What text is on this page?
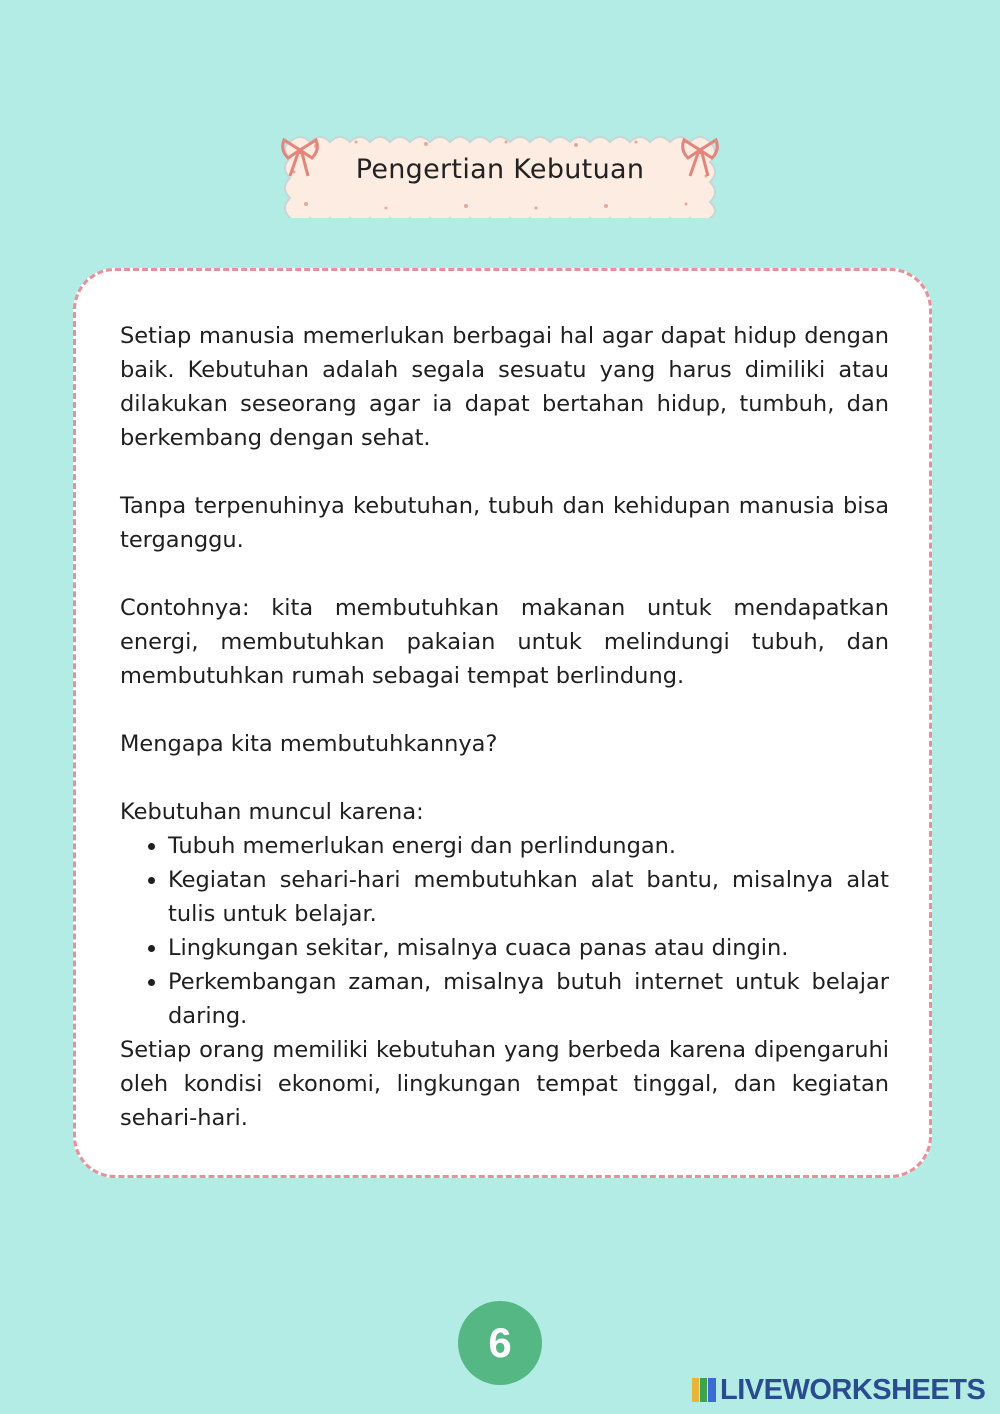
Pengertian Kebutuan

Setiap manusia memerlukan berbagai hal agar dapat hidup dengan baik. Kebutuhan adalah segala sesuatu yang harus dimiliki atau dilakukan seseorang agar ia dapat bertahan hidup, tumbuh, dan berkembang dengan sehat.

Tanpa terpenuhinya kebutuhan, tubuh dan kehidupan manusia bisa terganggu.

Contohnya: kita membutuhkan makanan untuk mendapatkan energi, membutuhkan pakaian untuk melindungi tubuh, dan membutuhkan rumah sebagai tempat berlindung.

Mengapa kita membutuhkannya?

Kebutuhan muncul karena:

• Tubuh memerlukan energi dan perlindungan.
• Kegiatan sehari-hari membutuhkan alat bantu, misalnya alat tulis untuk belajar.
• Lingkungan sekitar, misalnya cuaca panas atau dingin.
• Perkembangan zaman, misalnya butuh internet untuk belajar daring.

Setiap orang memiliki kebutuhan yang berbeda karena dipengaruhi oleh kondisi ekonomi, lingkungan tempat tinggal, dan kegiatan sehari-hari.

6
LIVEWORKSHEETS
